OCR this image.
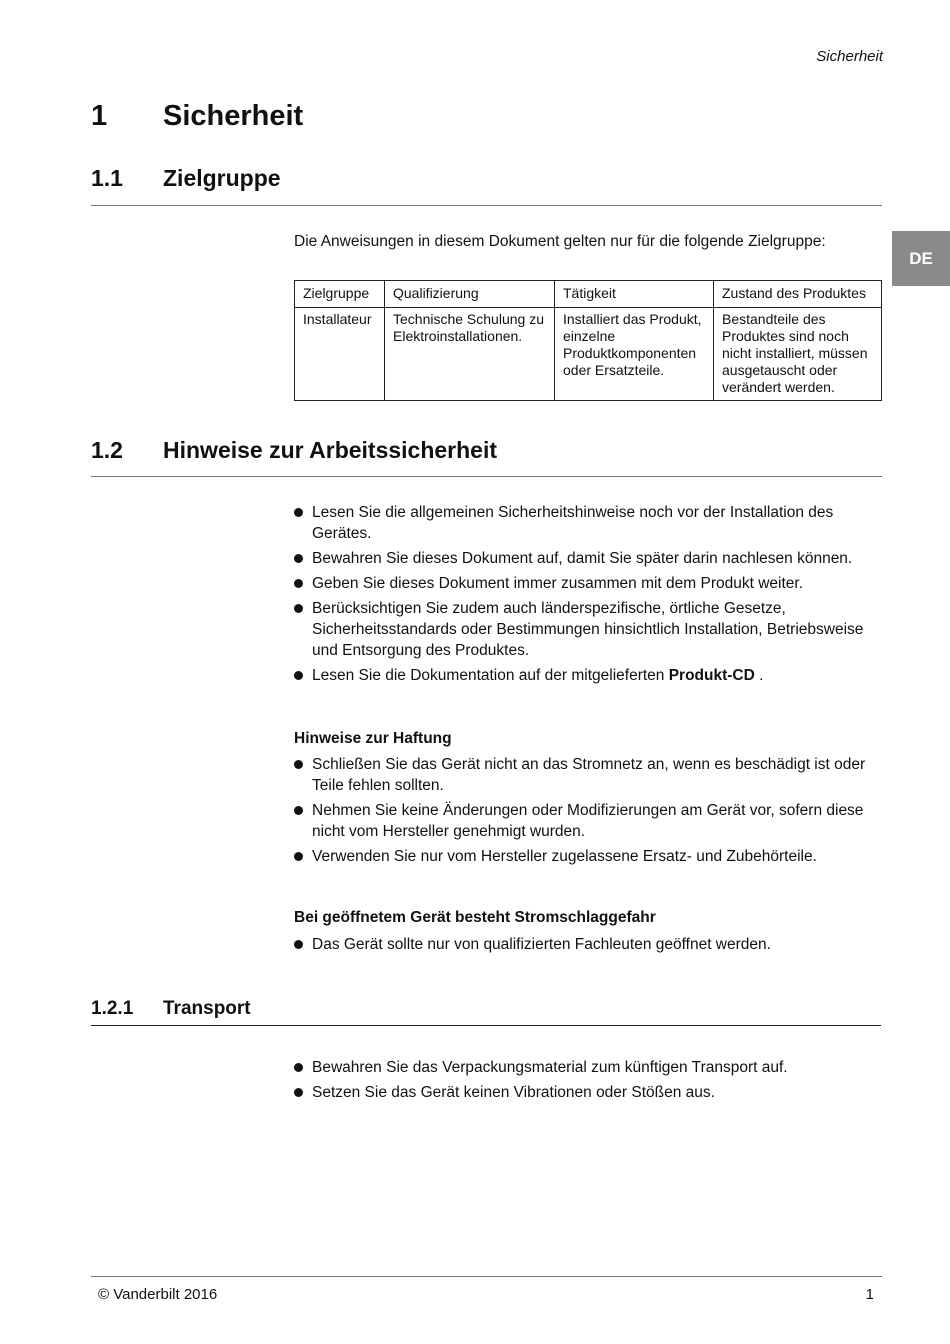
Sicherheit
DE
1 Sicherheit
1.1 Zielgruppe
Die Anweisungen in diesem Dokument gelten nur für die folgende Zielgruppe:
Zielgruppe	Qualifizierung	Tätigkeit	Zustand des Produktes
Installateur	Technische Schulung zu Elektroinstallationen.	Installiert das Produkt, einzelne Produktkomponenten oder Ersatzteile.	Bestandteile des Produktes sind noch nicht installiert, müssen ausgetauscht oder verändert werden.
1.2 Hinweise zur Arbeitssicherheit
Lesen Sie die allgemeinen Sicherheitshinweise noch vor der Installation des Gerätes.
Bewahren Sie dieses Dokument auf, damit Sie später darin nachlesen können.
Geben Sie dieses Dokument immer zusammen mit dem Produkt weiter.
Berücksichtigen Sie zudem auch länderspezifische, örtliche Gesetze, Sicherheitsstandards oder Bestimmungen hinsichtlich Installation, Betriebsweise und Entsorgung des Produktes.
Lesen Sie die Dokumentation auf der mitgelieferten Produkt-CD .
Hinweise zur Haftung
Schließen Sie das Gerät nicht an das Stromnetz an, wenn es beschädigt ist oder Teile fehlen sollten.
Nehmen Sie keine Änderungen oder Modifizierungen am Gerät vor, sofern diese nicht vom Hersteller genehmigt wurden.
Verwenden Sie nur vom Hersteller zugelassene Ersatz- und Zubehörteile.
Bei geöffnetem Gerät besteht Stromschlaggefahr
Das Gerät sollte nur von qualifizierten Fachleuten geöffnet werden.
1.2.1 Transport
Bewahren Sie das Verpackungsmaterial zum künftigen Transport auf.
Setzen Sie das Gerät keinen Vibrationen oder Stößen aus.
© Vanderbilt 2016	1
